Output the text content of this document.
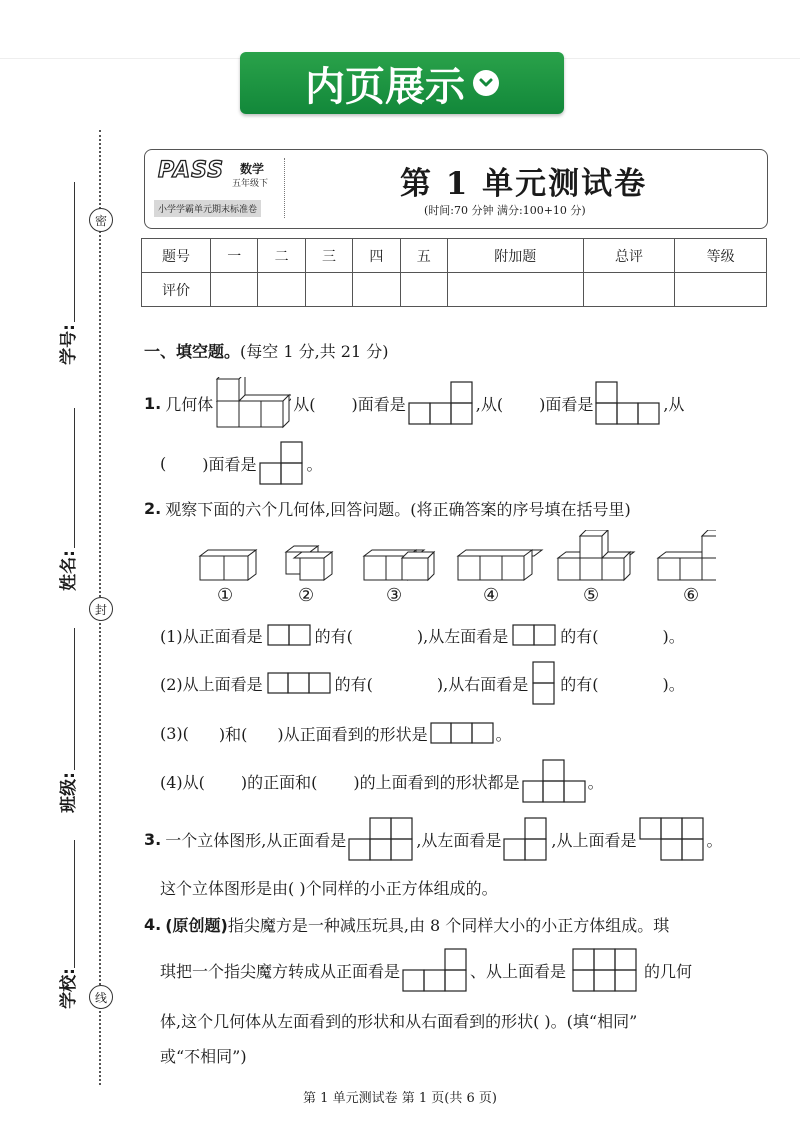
内页展示
密
封
线
学号:
姓名:
班级:
学校:
PASS 数学
五年级下
小学学霸单元期末标准卷
第 1 单元测试卷
(时间:70 分钟 满分:100+10 分)
题号	一	二	三	四	五	附加题	总评	等级
评价								
一、填空题。 (每空 1 分,共 21 分)
1. 几何体	从( )面看是	,从( )面看是	,从
( )面看是	。
2. 观察下面的六个几何体,回答问题。(将正确答案的序号填在括号里)
①	②	③	④	⑤	⑥
(1)从正面看是	的有(	),从左面看是	的有(	)。
(2)从上面看是	的有(	),从右面看是 的有(	)。
(3)( )和( )从正面看到的形状是	。
(4)从( )的正面和( )的上面看到的形状都是	。
3. 一个立体图形,从正面看是	,从左面看是	,从上面看是	。
这个立体图形是由( )个同样的小正方体组成的。
4. (原创题) 指尖魔方是一种减压玩具,由 8 个同样大小的小正方体组成。琪
琪把一个指尖魔方转成从正面看是	、从上面看是	的几何
体,这个几何体从左面看到的形状和从右面看到的形状( )。(填“相同”
或“不相同”)
第 1 单元测试卷 第 1 页(共 6 页)
